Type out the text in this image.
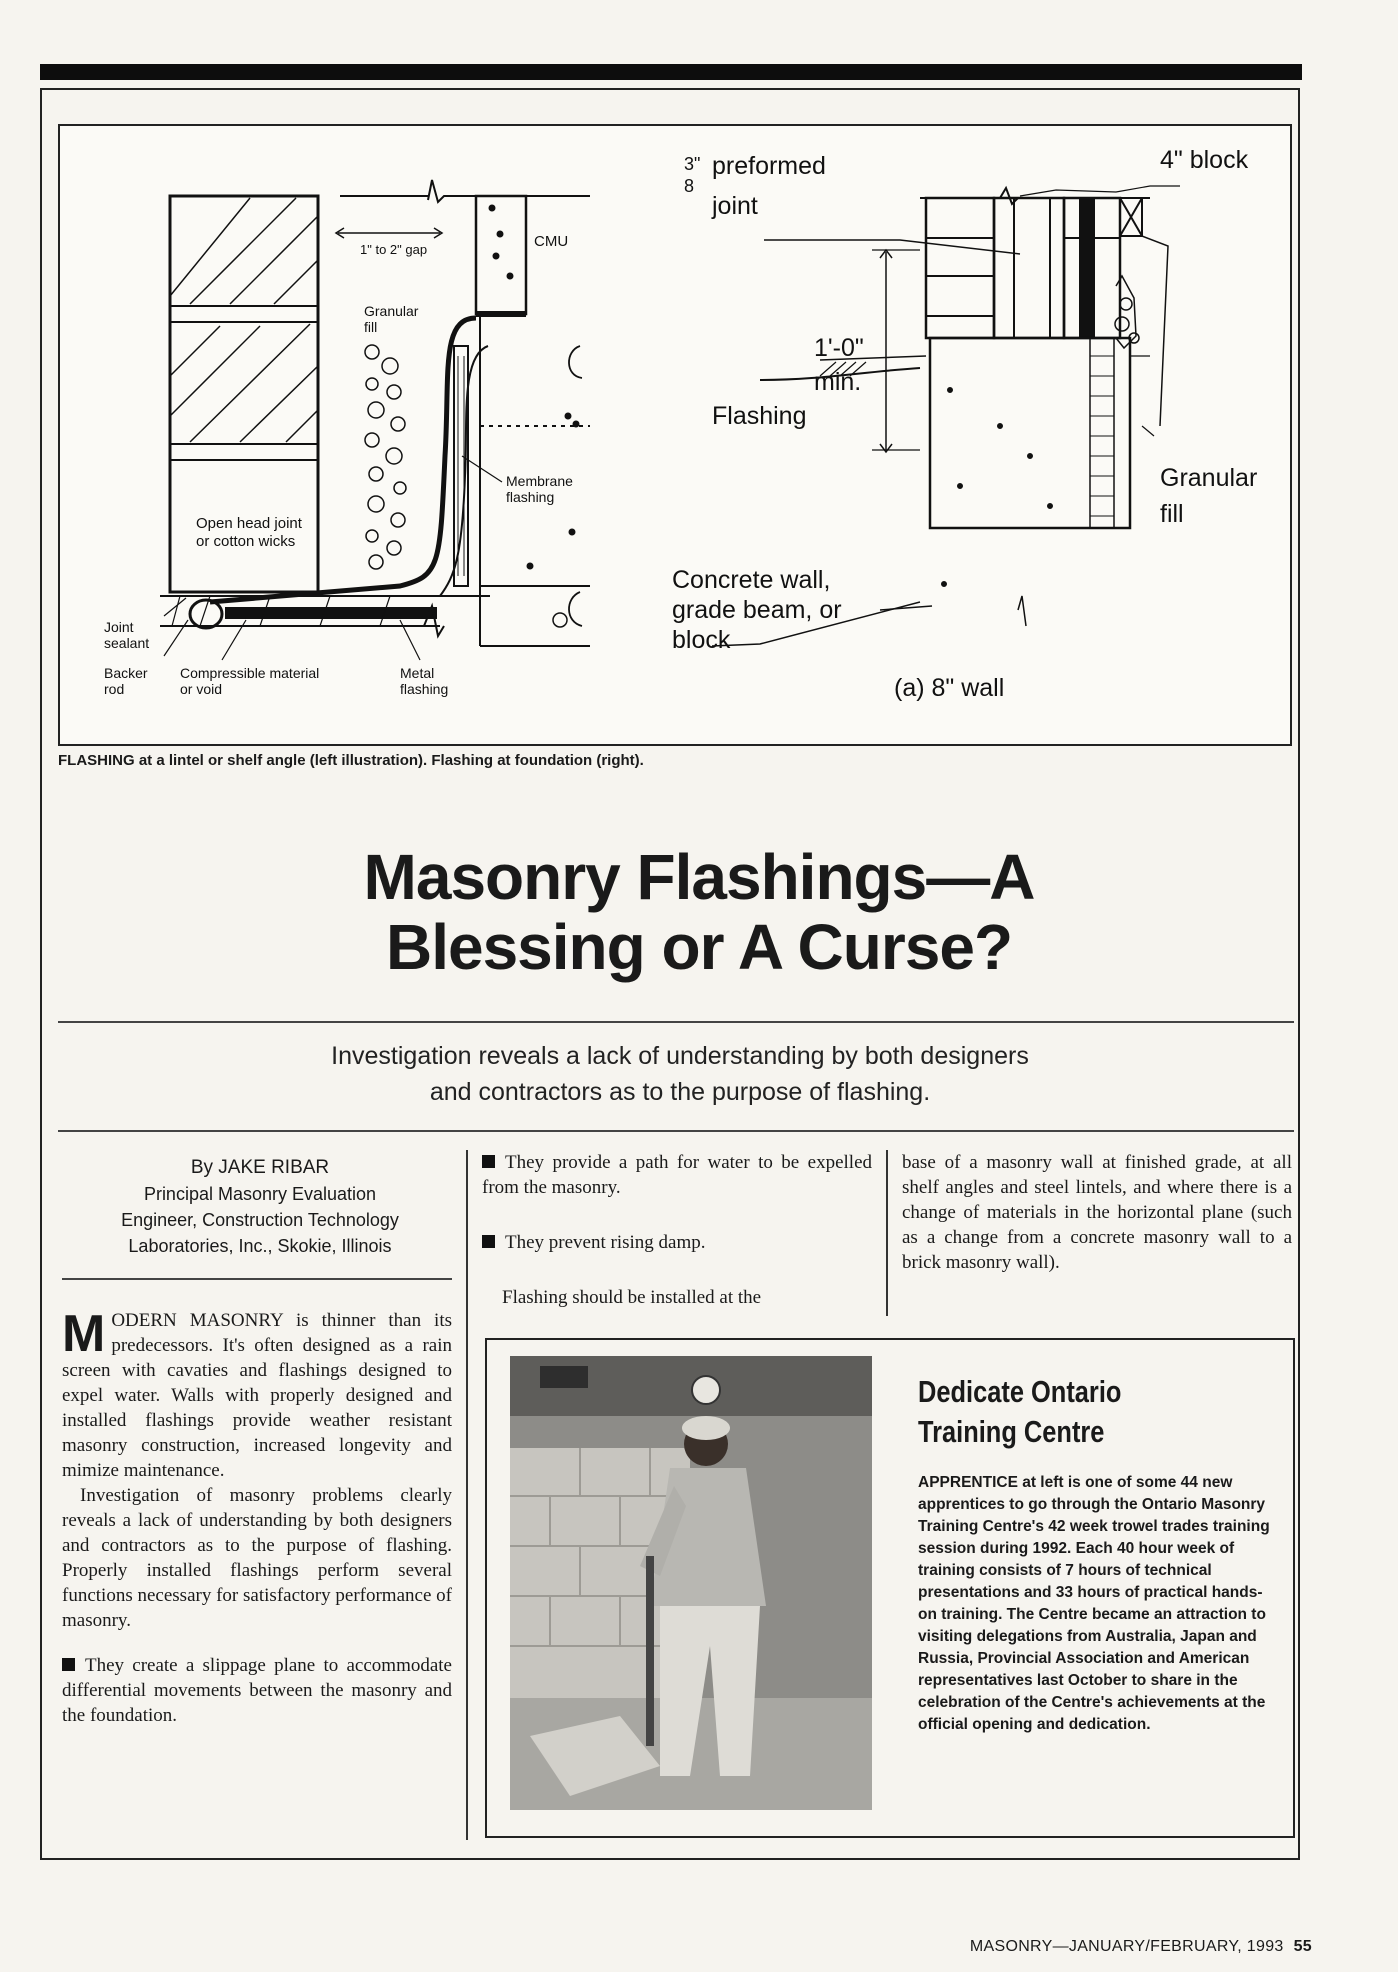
1" to 2" gap	CMU
Granular
fill
Open head joint
or cotton wicks
Membrane
flashing
Joint
sealant
Backer
rod
Compressible material
or void
Metal
flashing
3"
8
preformed
joint
4" block
1'-0"
min.
Flashing
Granular
fill
Concrete wall,
grade beam, or
block
(a) 8" wall
FLASHING at a lintel or shelf angle (left illustration). Flashing at foundation (right).
Masonry Flashings—A
Blessing or A Curse?
Investigation reveals a lack of understanding by both designers
and contractors as to the purpose of flashing.
By JAKE RIBAR
Principal Masonry Evaluation
Engineer, Construction Technology
Laboratories, Inc., Skokie, Illinois

MODERN MASONRY is thinner than its predecessors. It's often designed as a rain screen with cavaties and flashings designed to expel water. Walls with properly designed and installed flashings provide weather resistant masonry construction, increased longevity and mimize maintenance.

Investigation of masonry problems clearly reveals a lack of understanding by both designers and contractors as to the purpose of flashing. Properly installed flashings perform several functions necessary for satisfactory performance of masonry.

They create a slippage plane to accommodate differential movements between the masonry and the foundation.

They provide a path for water to be expelled from the masonry.

They prevent rising damp.

Flashing should be installed at the

base of a masonry wall at finished grade, at all shelf angles and steel lintels, and where there is a change of materials in the horizontal plane (such as a change from a concrete masonry wall to a brick masonry wall).

Dedicate Ontario
Training Centre
APPRENTICE at left is one of some 44 new apprentices to go through the Ontario Masonry Training Centre's 42 week trowel trades training session during 1992. Each 40 hour week of training consists of 7 hours of technical presentations and 33 hours of practical hands-on training. The Centre became an attraction to visiting delegations from Australia, Japan and Russia, Provincial Association and American representatives last October to share in the celebration of the Centre's achievements at the official opening and dedication.
MASONRY—JANUARY/FEBRUARY, 1993 55
